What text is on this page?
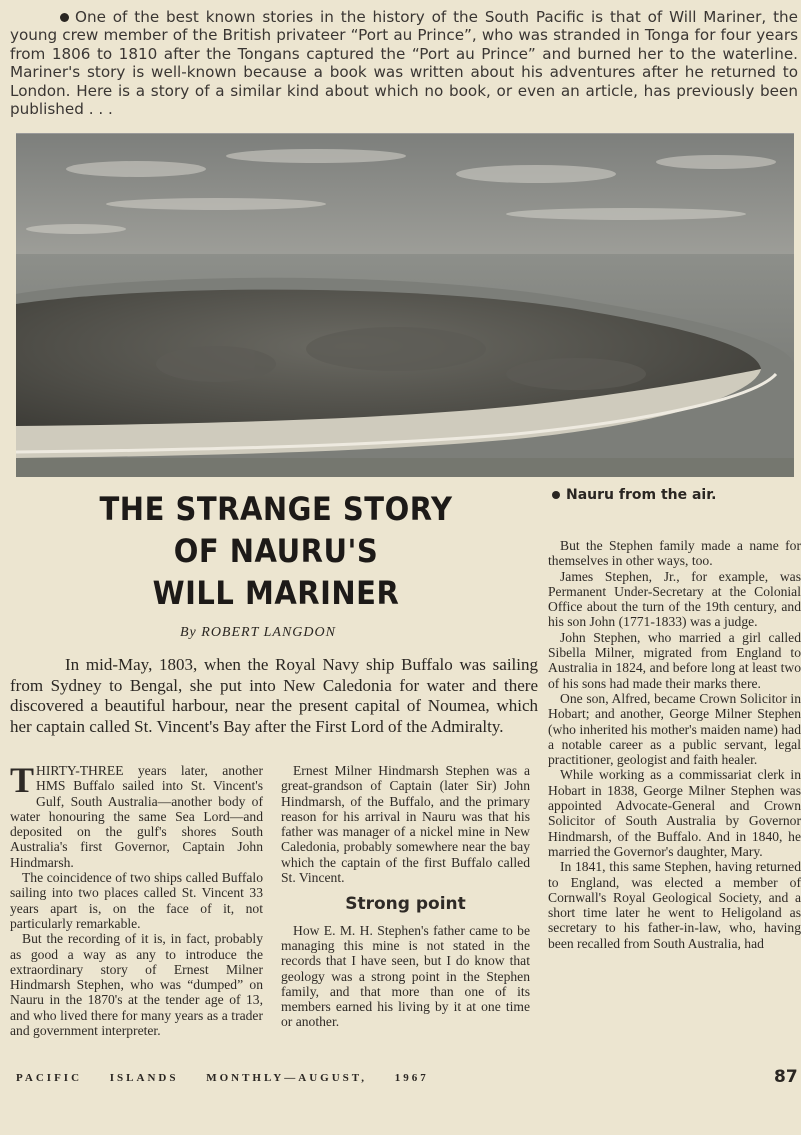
One of the best known stories in the history of the South Pacific is that of Will Mariner, the young crew member of the British privateer “Port au Prince”, who was stranded in Tonga for four years from 1806 to 1810 after the Tongans captured the “Port au Prince” and burned her to the waterline. Mariner's story is well-known because a book was written about his adventures after he returned to London. Here is a story of a similar kind about which no book, or even an article, has previously been published . . .
Nauru from the air.
THE STRANGE STORY
OF NAURU'S
WILL MARINER
By ROBERT LANGDON

In mid-May, 1803, when the Royal Navy ship Buffalo was sailing from Sydney to Bengal, she put into New Caledonia for water and there discovered a beautiful harbour, near the present capital of Noumea, which her captain called St. Vincent's Bay after the First Lord of the Admiralty.

THIRTY-THREE years later, another HMS Buffalo sailed into St. Vincent's Gulf, South Australia—another body of water honouring the same Sea Lord—and deposited on the gulf's shores South Australia's first Governor, Captain John Hindmarsh.

The coincidence of two ships called Buffalo sailing into two places called St. Vincent 33 years apart is, on the face of it, not particularly remarkable.

But the recording of it is, in fact, probably as good a way as any to introduce the extraordinary story of Ernest Milner Hindmarsh Stephen, who was “dumped” on Nauru in the 1870's at the tender age of 13, and who lived there for many years as a trader and government interpreter.

Ernest Milner Hindmarsh Stephen was a great-grandson of Captain (later Sir) John Hindmarsh, of the Buffalo, and the primary reason for his arrival in Nauru was that his father was manager of a nickel mine in New Caledonia, probably somewhere near the bay which the captain of the first Buffalo called St. Vincent.

Strong point

How E. M. H. Stephen's father came to be managing this mine is not stated in the records that I have seen, but I do know that geology was a strong point in the Stephen family, and that more than one of its members earned his living by it at one time or another.

But the Stephen family made a name for themselves in other ways, too.

James Stephen, Jr., for example, was Permanent Under-Secretary at the Colonial Office about the turn of the 19th century, and his son John (1771-1833) was a judge.

John Stephen, who married a girl called Sibella Milner, migrated from England to Australia in 1824, and before long at least two of his sons had made their marks there.

One son, Alfred, became Crown Solicitor in Hobart; and another, George Milner Stephen (who inherited his mother's maiden name) had a notable career as a public servant, legal practitioner, geologist and faith healer.

While working as a commissariat clerk in Hobart in 1838, George Milner Stephen was appointed Advocate-General and Crown Solicitor of South Australia by Governor Hindmarsh, of the Buffalo. And in 1840, he married the Governor's daughter, Mary.

In 1841, this same Stephen, having returned to England, was elected a member of Cornwall's Royal Geological Society, and a short time later he went to Heligoland as secretary to his father-in-law, who, having been recalled from South Australia, had

PACIFIC ISLANDS MONTHLY—AUGUST, 1967	87
